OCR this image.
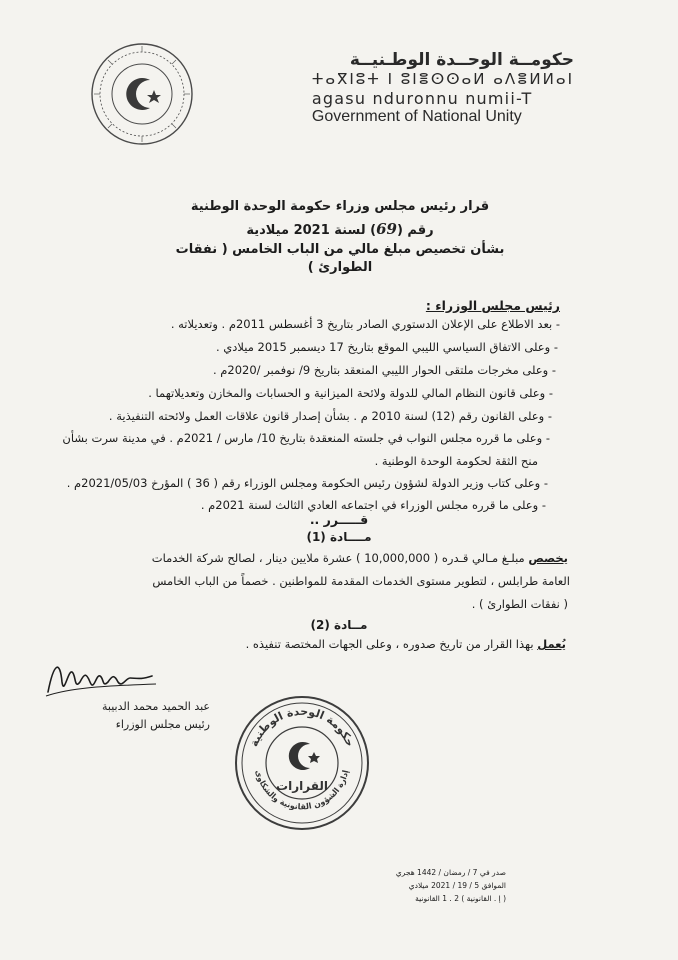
حكومــة الوحــدة الوطـنيــة
ⵜⴰⴳⵏⵓⵜ ⵏ ⵓⵏⴻⵙⵙⴰⵍ ⴰⴷⴻⵍⵍⴰⵏ
agasu nduronnu numii-T
Government of National Unity
قرار رئيس مجلس وزراء حكومة الوحدة الوطنية
رقم (69) لسنة 2021 ميلادية
بشأن تخصيص مبلغ مالي من الباب الخامس ( نفقات الطوارئ )
رئيس مجلس الوزراء :
- بعد الاطلاع على الإعلان الدستوري الصادر بتاريخ 3 أغسطس 2011م . وتعديلاته .
- وعلى الاتفاق السياسي الليبي الموقع بتاريخ 17 ديسمبر 2015 ميلادي .
- وعلى مخرجات ملتقى الحوار الليبي المنعقد بتاريخ 9/ نوفمبر /2020م .
- وعلى قانون النظام المالي للدولة ولائحة الميزانية و الحسابات والمخازن وتعديلاتهما .
- وعلى القانون رقم (12) لسنة 2010 م . بشأن إصدار قانون علاقات العمل ولائحته التنفيذية .
- وعلى ما قرره مجلس النواب في جلسته المنعقدة بتاريخ 10/ مارس / 2021م . في مدينة سرت بشأن
منح الثقة لحكومة الوحدة الوطنية .
- وعلى كتاب وزير الدولة لشؤون رئيس الحكومة ومجلس الوزراء رقم ( 36 ) المؤرخ 2021/05/03م .
- وعلى ما قرره مجلس الوزراء في اجتماعه العادي الثالث لسنة 2021م .
قـــــرر ..
مــــادة (1)
يخصص مبلـغ مـالي قـدره ( 10,000,000 ) عشرة ملايين دينار ، لصالح شركة الخدمات
العامة طرابلس ، لتطوير مستوى الخدمات المقدمة للمواطنين . خصماً من الباب الخامس
( نفقات الطوارئ ) .
مــادة (2)
يُعمل بهذا القرار من تاريخ صدوره ، وعلى الجهات المختصة تنفيذه .
عبد الحميد محمد الدبيبة
رئيس مجلس الوزراء
حكومة الوحدة الوطنية
إدارة الشؤون القانونية والشكاوى
القرارات
صدر في 7 / رمضان / 1442 هجري
الموافق 5 / 19 / 2021 ميلادي
( إ . القانونية ) 2 . 1 القانونية
